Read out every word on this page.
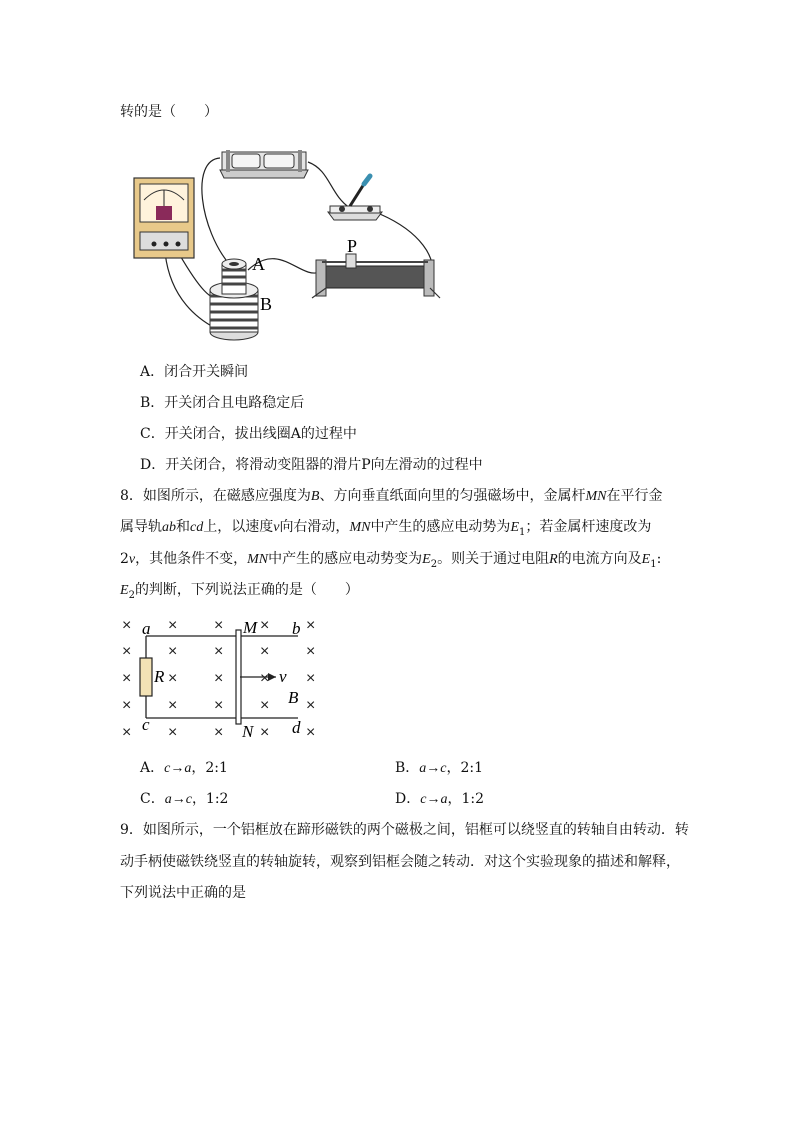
转的是（　　）
A
B
P
A．闭合开关瞬间
B．开关闭合且电路稳定后
C．开关闭合，拔出线圈A的过程中
D．开关闭合，将滑动变阻器的滑片P向左滑动的过程中
8．如图所示，在磁感应强度为B、方向垂直纸面向里的匀强磁场中，金属杆MN在平行金
属导轨ab和cd上，以速度v向右滑动，MN中产生的感应电动势为$E_1$；若金属杆速度改为
2v，其他条件不变，MN中产生的感应电动势变为$E_2$。则关于通过电阻R的电流方向及$E_1$:
$E_2$的判断，下列说法正确的是（　　）
× × × × ×
× × × × ×
× × × × ×
× × × × ×
× × × × ×
a	b
c	d
M
N
R	v
B
A．c→a，2:1	B．a→c，2:1
C．a→c，1:2	D．c→a，1:2
9．如图所示，一个铝框放在蹄形磁铁的两个磁极之间，铝框可以绕竖直的转轴自由转动．转
动手柄使磁铁绕竖直的转轴旋转，观察到铝框会随之转动．对这个实验现象的描述和解释，
下列说法中正确的是
